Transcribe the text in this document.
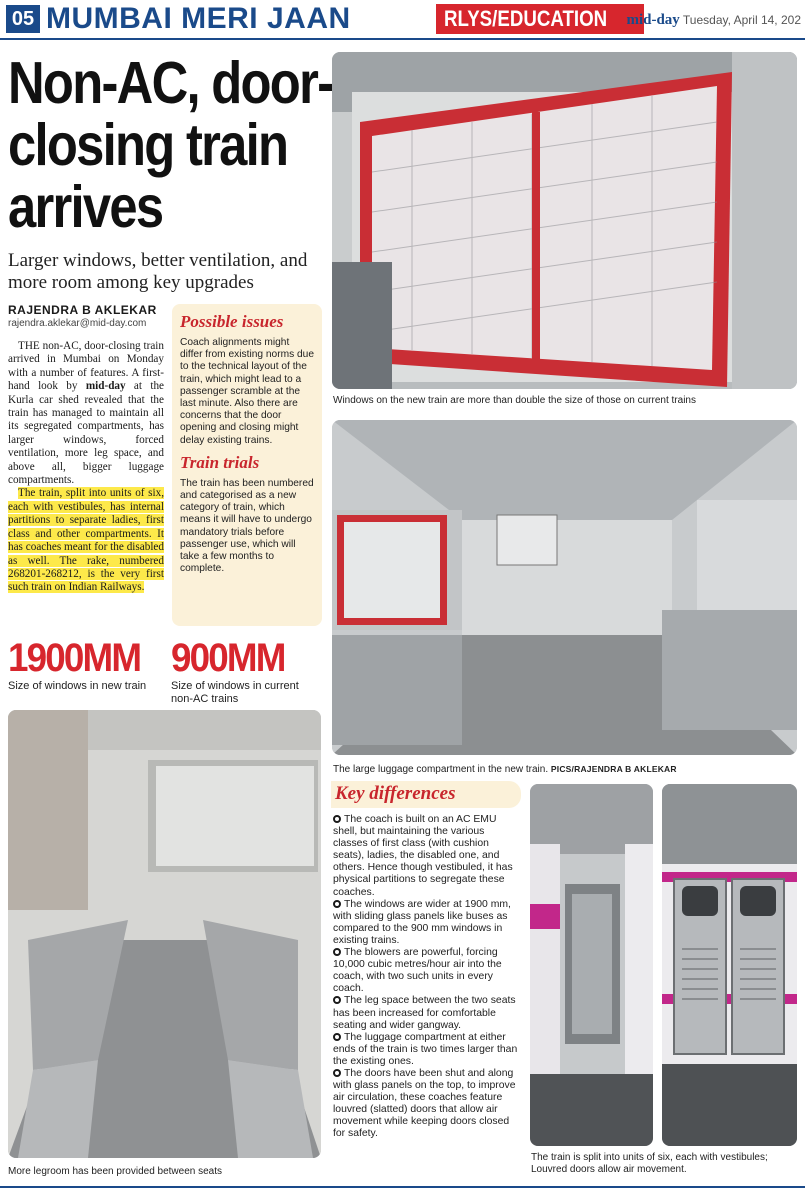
05 MUMBAI MERI JAAN	RLYS/EDUCATION	mid-day Tuesday, April 14, 202
Non-AC, door-closing train arrives
Larger windows, better ventilation, and more room among key upgrades
RAJENDRA B AKLEKAR
rajendra.aklekar@mid-day.com

THE non-AC, door-closing train arrived in Mumbai on Monday with a number of features. A first-hand look by mid-day at the Kurla car shed revealed that the train has managed to maintain all its segregated compartments, has larger windows, forced ventilation, more leg space, and above all, bigger luggage compartments.

The train, split into units of six, each with vestibules, has internal partitions to separate ladies, first class and other compartments. It has coaches meant for the disabled as well. The rake, numbered 268201-268212, is the very first such train on Indian Railways.

Possible issues

Coach alignments might differ from existing norms due to the technical layout of the train, which might lead to a passenger scramble at the last minute. Also there are concerns that the door opening and closing might delay existing trains.

Train trials

The train has been numbered and categorised as a new category of train, which means it will have to undergo mandatory trials before passenger use, which will take a few months to complete.

1900MM
Size of windows in new train
900MM
Size of windows in current non-AC trains
Windows on the new train are more than double the size of those on current trains
The large luggage compartment in the new train. PICS/RAJENDRA B AKLEKAR
More legroom has been provided between seats
Key differences
The coach is built on an AC EMU shell, but maintaining the various classes of first class (with cushion seats), ladies, the disabled one, and others. Hence though vestibuled, it has physical partitions to segregate these coaches.
The windows are wider at 1900 mm, with sliding glass panels like buses as compared to the 900 mm windows in existing trains.
The blowers are powerful, forcing 10,000 cubic metres/hour air into the coach, with two such units in every coach.
The leg space between the two seats has been increased for comfortable seating and wider gangway.
The luggage compartment at either ends of the train is two times larger than the existing ones.
The doors have been shut and along with glass panels on the top, to improve air circulation, these coaches feature louvred (slatted) doors that allow air movement while keeping doors closed for safety.
The train is split into units of six, each with vestibules; Louvred doors allow air movement.
